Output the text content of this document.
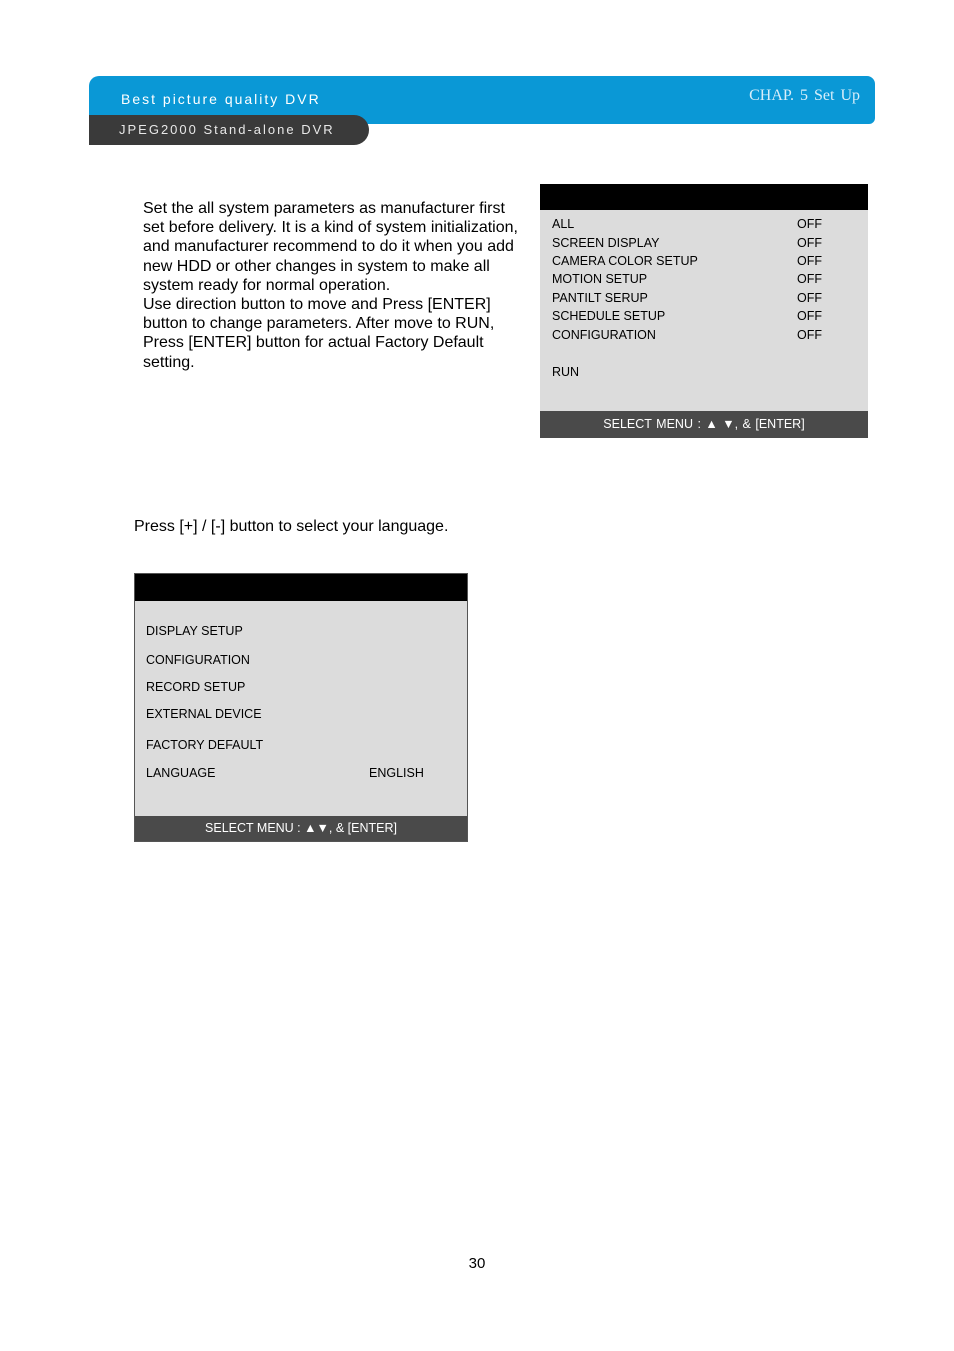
Best picture quality DVR	CHAP. 5 Set Up
JPEG2000 Stand-alone DVR

Set the all system parameters as manufacturer first set before delivery. It is a kind of system initialization, and manufacturer recommend to do it when you add new HDD or other changes in system to make all system ready for normal operation.

Use direction button to move and Press [ENTER] button to change parameters. After move to RUN, Press [ENTER] button for actual Factory Default setting.

ALL	OFF
SCREEN DISPLAY	OFF
CAMERA COLOR SETUP	OFF
MOTION SETUP	OFF
PANTILT SERUP	OFF
SCHEDULE SETUP	OFF
CONFIGURATION	OFF
RUN
SELECT MENU : ▲ ▼, & [ENTER]
Press [+] / [-] button to select your language.
DISPLAY SETUP
CONFIGURATION
RECORD SETUP
EXTERNAL DEVICE
FACTORY DEFAULT
LANGUAGE	ENGLISH
SELECT MENU : ▲▼, & [ENTER]
30
